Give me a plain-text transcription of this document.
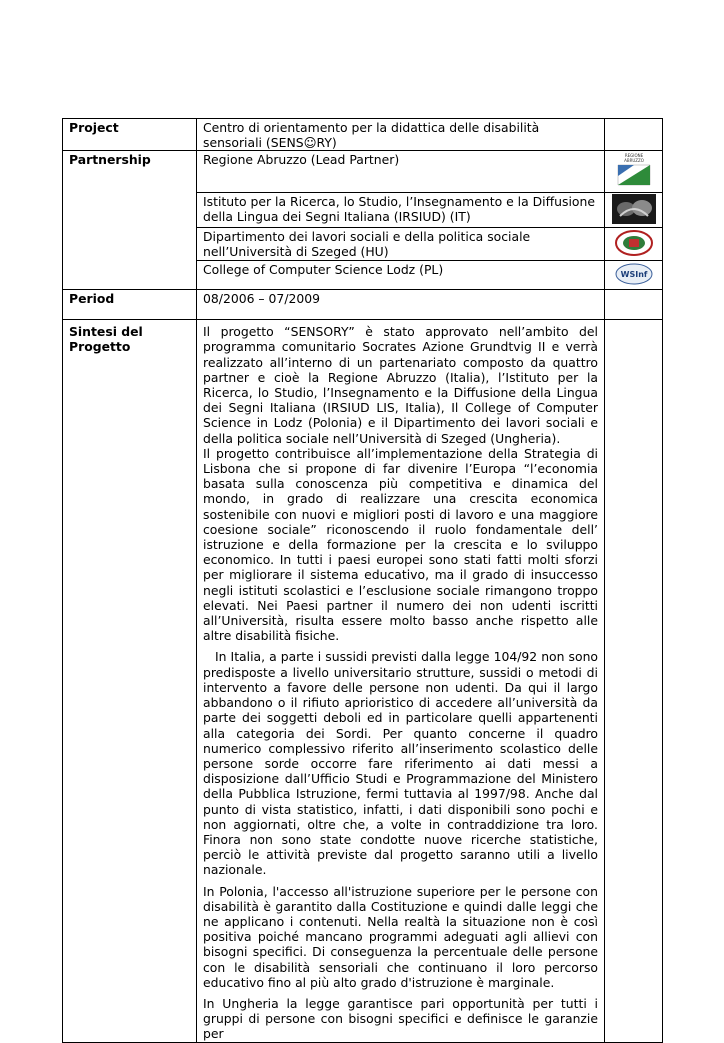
Project	Centro di orientamento per la didattica delle disabilità sensoriali (SENS☺RY)	
Partnership	Regione Abruzzo (Lead Partner)	REGIONE
ABRUZZO

	Istituto per la Ricerca, lo Studio, l’Insegnamento e la Diffusione della Lingua dei Segni Italiana (IRSIUD) (IT)	
	Dipartimento dei lavori sociali e della politica sociale nell’Università di Szeged (HU)	
	College of Computer Science Lodz (PL)	WSInf

Period	08/2006 – 07/2009	
Sintesi del Progetto	Il progetto “SENSORY” è stato approvato nell’ambito del programma comunitario Socrates Azione Grundtvig II e verrà realizzato all’interno di un partenariato composto da quattro partner e cioè la Regione Abruzzo (Italia), l’Istituto per la Ricerca, lo Studio, l’Insegnamento e la Diffusione della Lingua dei Segni Italiana (IRSIUD LIS, Italia), Il College of Computer Science in Lodz (Polonia) e il Dipartimento dei lavori sociali e della politica sociale nell’Università di Szeged (Ungheria).

Il progetto contribuisce all’implementazione della Strategia di Lisbona che si propone di far divenire l’Europa “l’economia basata sulla conoscenza più competitiva e dinamica del mondo, in grado di realizzare una crescita economica sostenibile con nuovi e migliori posti di lavoro e una maggiore coesione sociale” riconoscendo il ruolo fondamentale dell’ istruzione e della formazione per la crescita e lo sviluppo economico. In tutti i paesi europei sono stati fatti molti sforzi per migliorare il sistema educativo, ma il grado di insuccesso negli istituti scolastici e l’esclusione sociale rimangono troppo elevati. Nei Paesi partner il numero dei non udenti iscritti all’Università, risulta essere molto basso anche rispetto alle altre disabilità fisiche.

In Italia, a parte i sussidi previsti dalla legge 104/92 non sono predisposte a livello universitario strutture, sussidi o metodi di intervento a favore delle persone non udenti. Da qui il largo abbandono o il rifiuto aprioristico di accedere all’università da parte dei soggetti deboli ed in particolare quelli appartenenti alla categoria dei Sordi. Per quanto concerne il quadro numerico complessivo riferito all’inserimento scolastico delle persone sorde occorre fare riferimento ai dati messi a disposizione dall’Ufficio Studi e Programmazione del Ministero della Pubblica Istruzione, fermi tuttavia al 1997/98. Anche dal punto di vista statistico, infatti, i dati disponibili sono pochi e non aggiornati, oltre che, a volte in contraddizione tra loro. Finora non sono state condotte nuove ricerche statistiche, perciò le attività previste dal progetto saranno utili a livello nazionale.

In Polonia, l'accesso all'istruzione superiore per le persone con disabilità è garantito dalla Costituzione e quindi dalle leggi che ne applicano i contenuti. Nella realtà la situazione non è così positiva poiché mancano programmi adeguati agli allievi con bisogni specifici. Di conseguenza la percentuale delle persone con le disabilità sensoriali che continuano il loro percorso educativo fino al più alto grado d'istruzione è marginale.

In Ungheria la legge garantisce pari opportunità per tutti i gruppi di persone con bisogni specifici e definisce le garanzie per	
